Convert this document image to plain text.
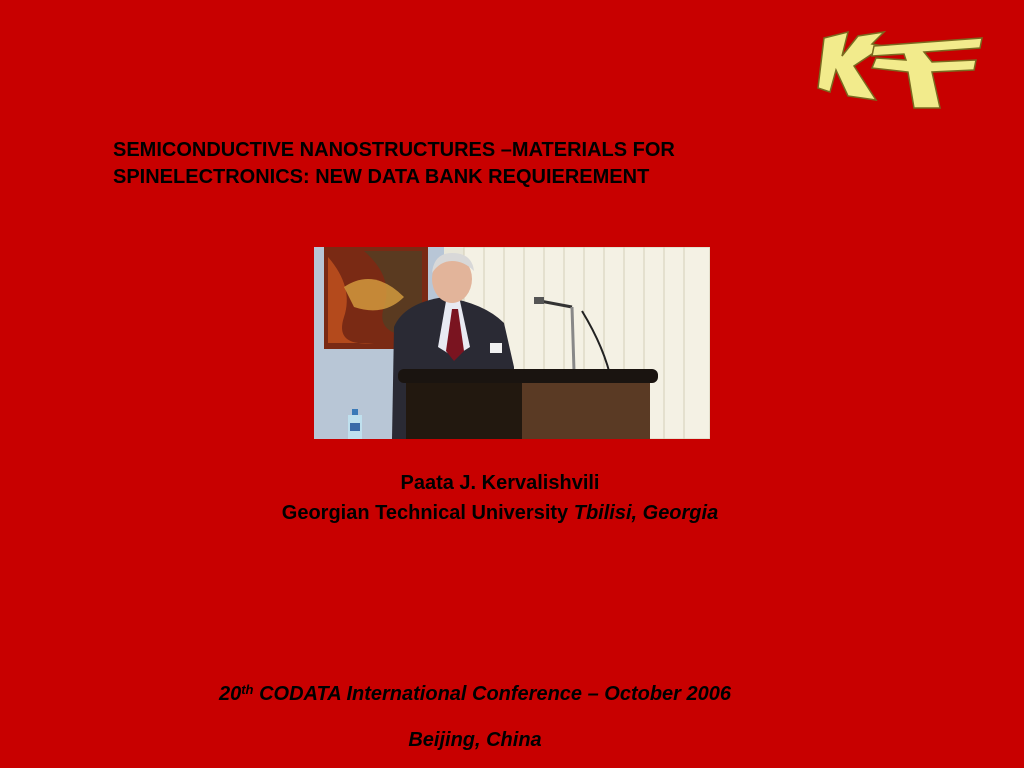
SEMICONDUCTIVE NANOSTRUCTURES –MATERIALS FOR
SPINELECTRONICS: NEW DATA BANK REQUIEREMENT
Paata J. Kervalishvili
Georgian Technical University Tbilisi, Georgia
20th CODATA International Conference – October 2006
Beijing, China
